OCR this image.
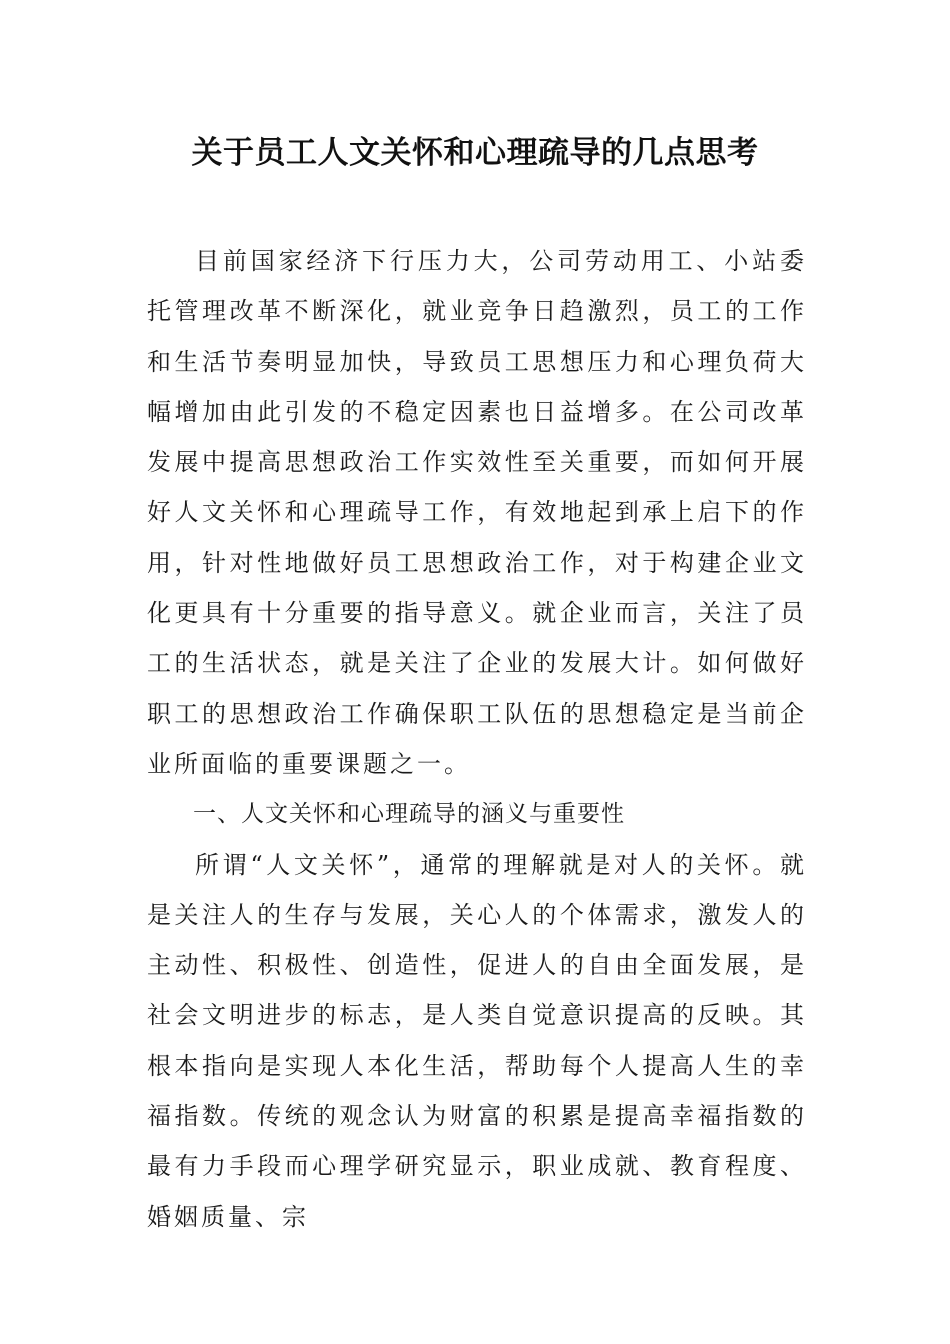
关于员工人文关怀和心理疏导的几点思考

目前国家经济下行压力大，公司劳动用工、小站委托管理改革不断深化，就业竞争日趋激烈，员工的工作和生活节奏明显加快，导致员工思想压力和心理负荷大幅增加由此引发的不稳定因素也日益增多。在公司改革发展中提高思想政治工作实效性至关重要，而如何开展好人文关怀和心理疏导工作，有效地起到承上启下的作用，针对性地做好员工思想政治工作，对于构建企业文化更具有十分重要的指导意义。就企业而言，关注了员工的生活状态，就是关注了企业的发展大计。如何做好职工的思想政治工作确保职工队伍的思想稳定是当前企业所面临的重要课题之一。

一、人文关怀和心理疏导的涵义与重要性

所谓“人文关怀”，通常的理解就是对人的关怀。就是关注人的生存与发展，关心人的个体需求，激发人的主动性、积极性、创造性，促进人的自由全面发展，是社会文明进步的标志，是人类自觉意识提高的反映。其根本指向是实现人本化生活，帮助每个人提高人生的幸福指数。传统的观念认为财富的积累是提高幸福指数的最有力手段而心理学研究显示，职业成就、教育程度、婚姻质量、宗
